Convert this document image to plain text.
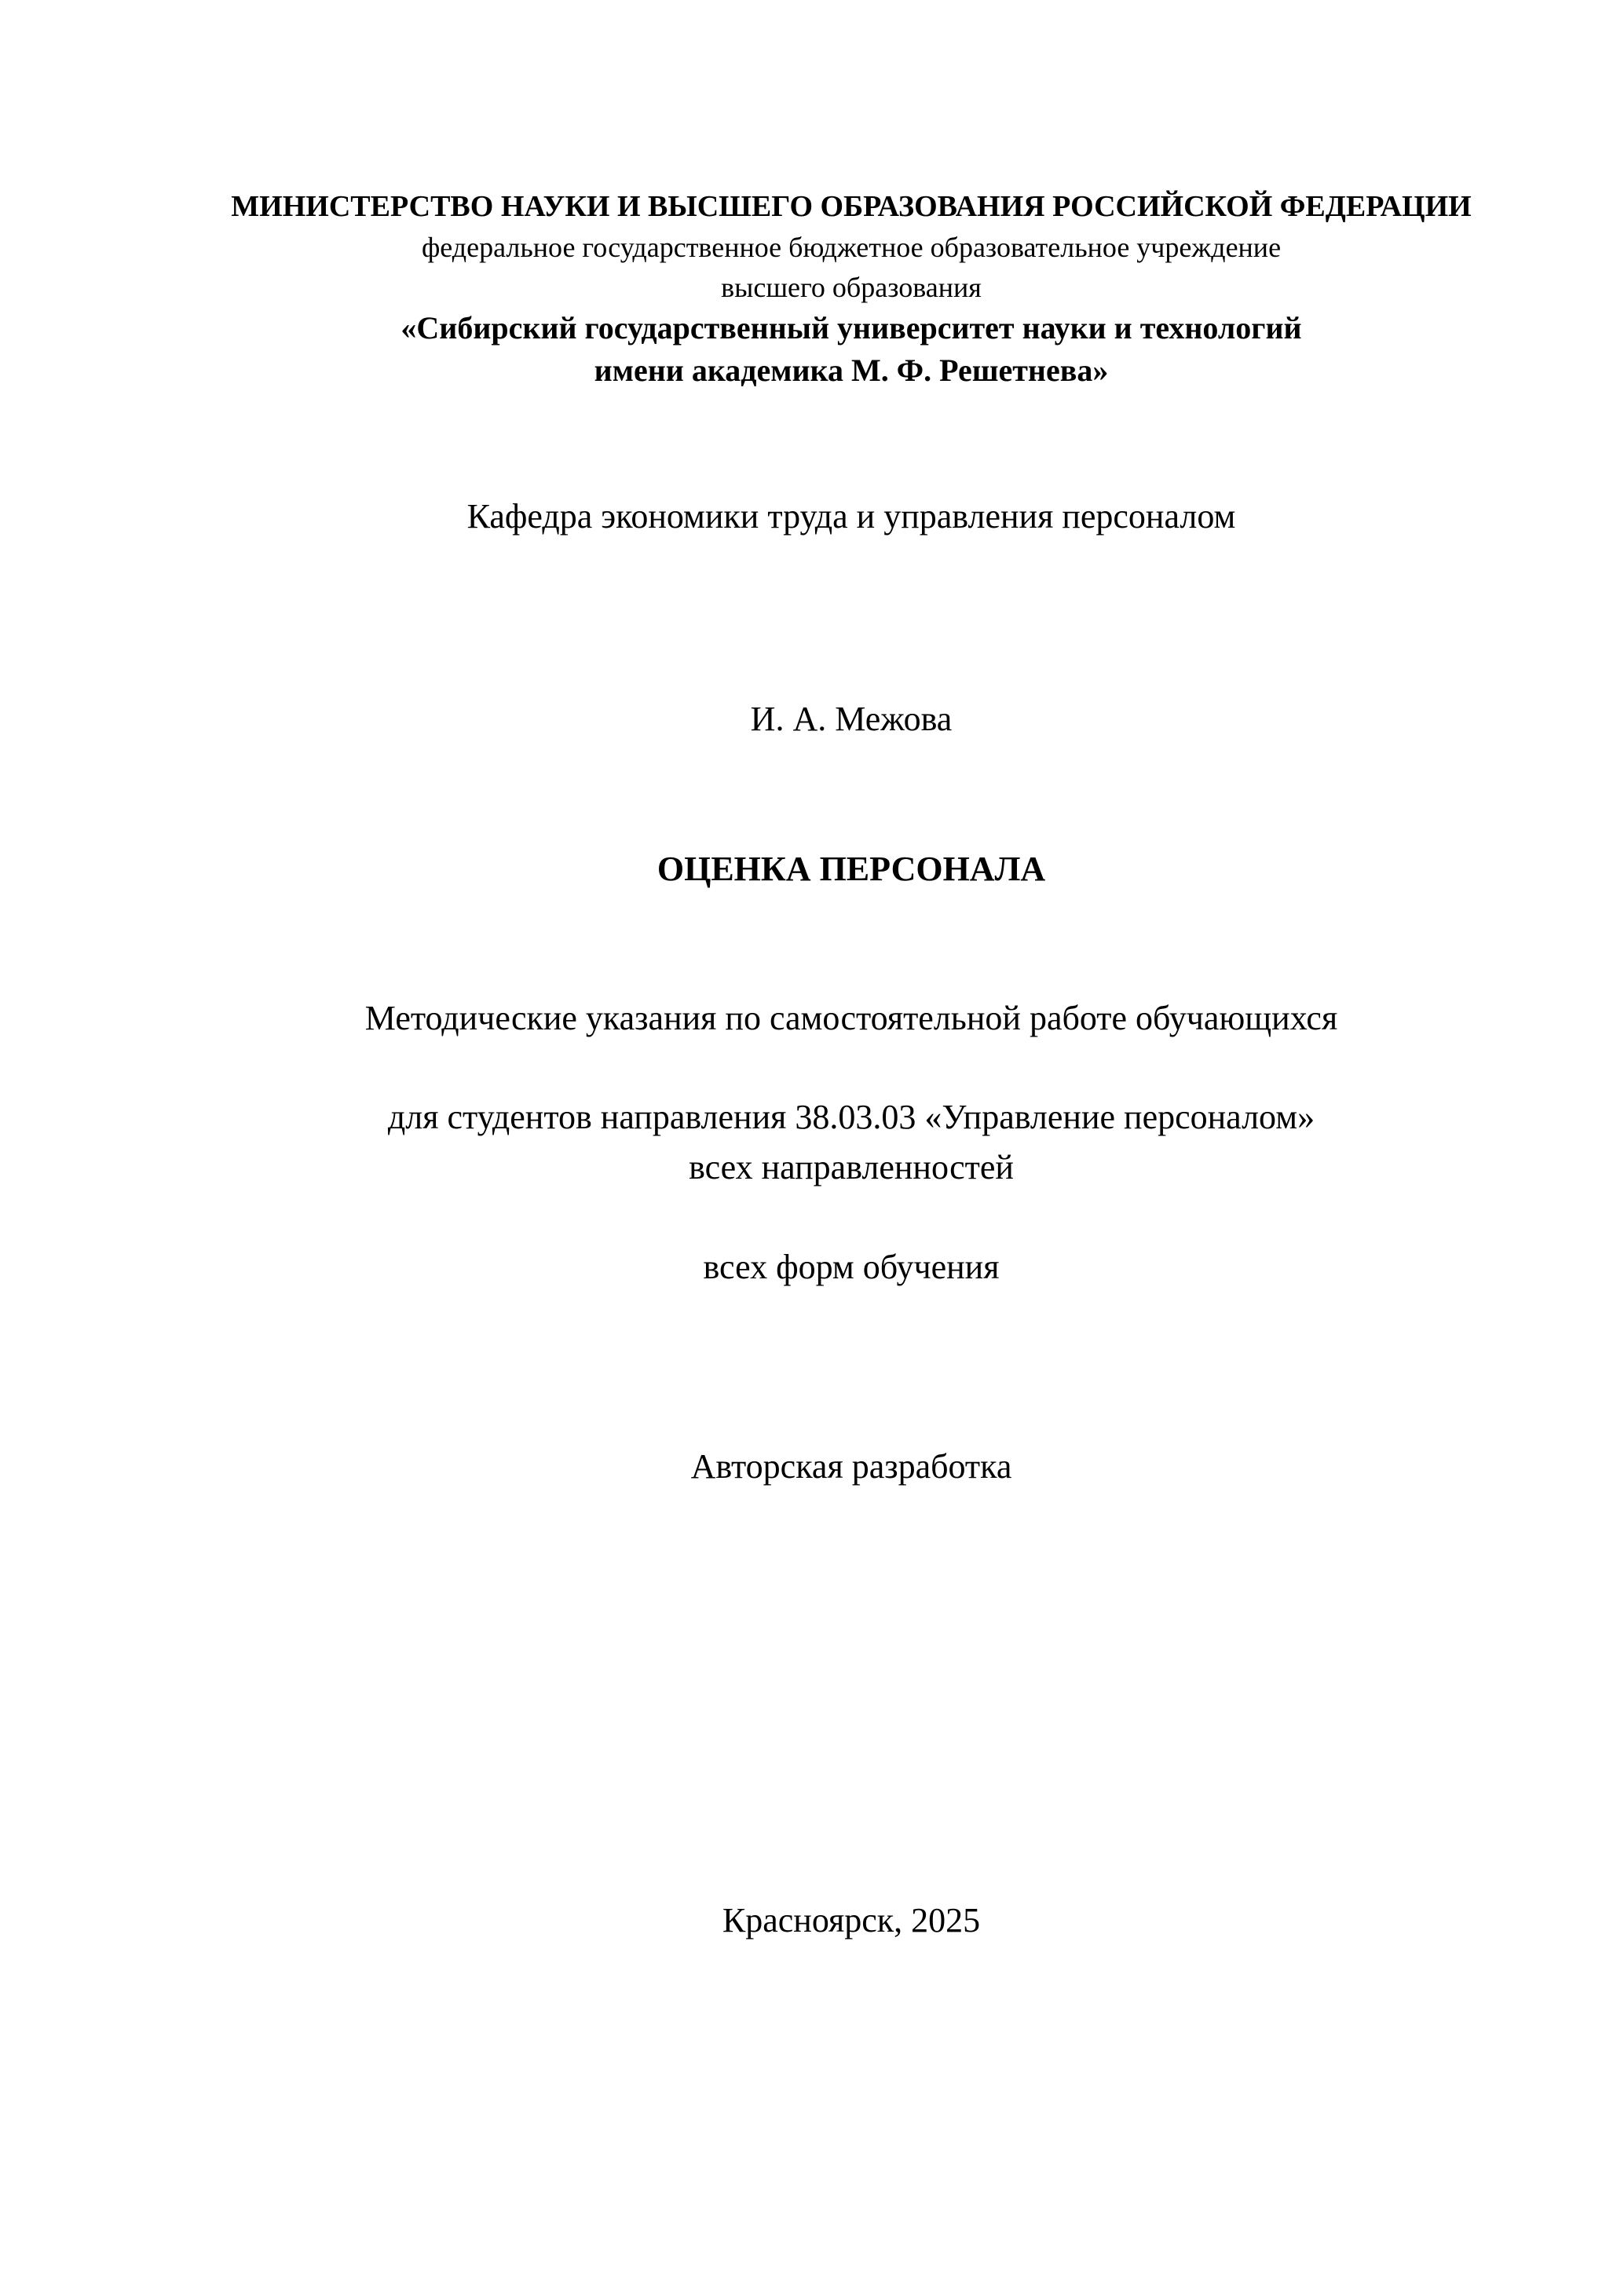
МИНИСТЕРСТВО НАУКИ И ВЫСШЕГО ОБРАЗОВАНИЯ РОССИЙСКОЙ ФЕДЕРАЦИИ
федеральное государственное бюджетное образовательное учреждение
высшего образования
«Сибирский государственный университет науки и технологий
имени академика М. Ф. Решетнева»
Кафедра экономики труда и управления персоналом
И. А. Межова
ОЦЕНКА ПЕРСОНАЛА
Методические указания по самостоятельной работе обучающихся
для студентов направления 38.03.03 «Управление персоналом»
всех направленностей
всех форм обучения
Авторская разработка
Красноярск, 2025
